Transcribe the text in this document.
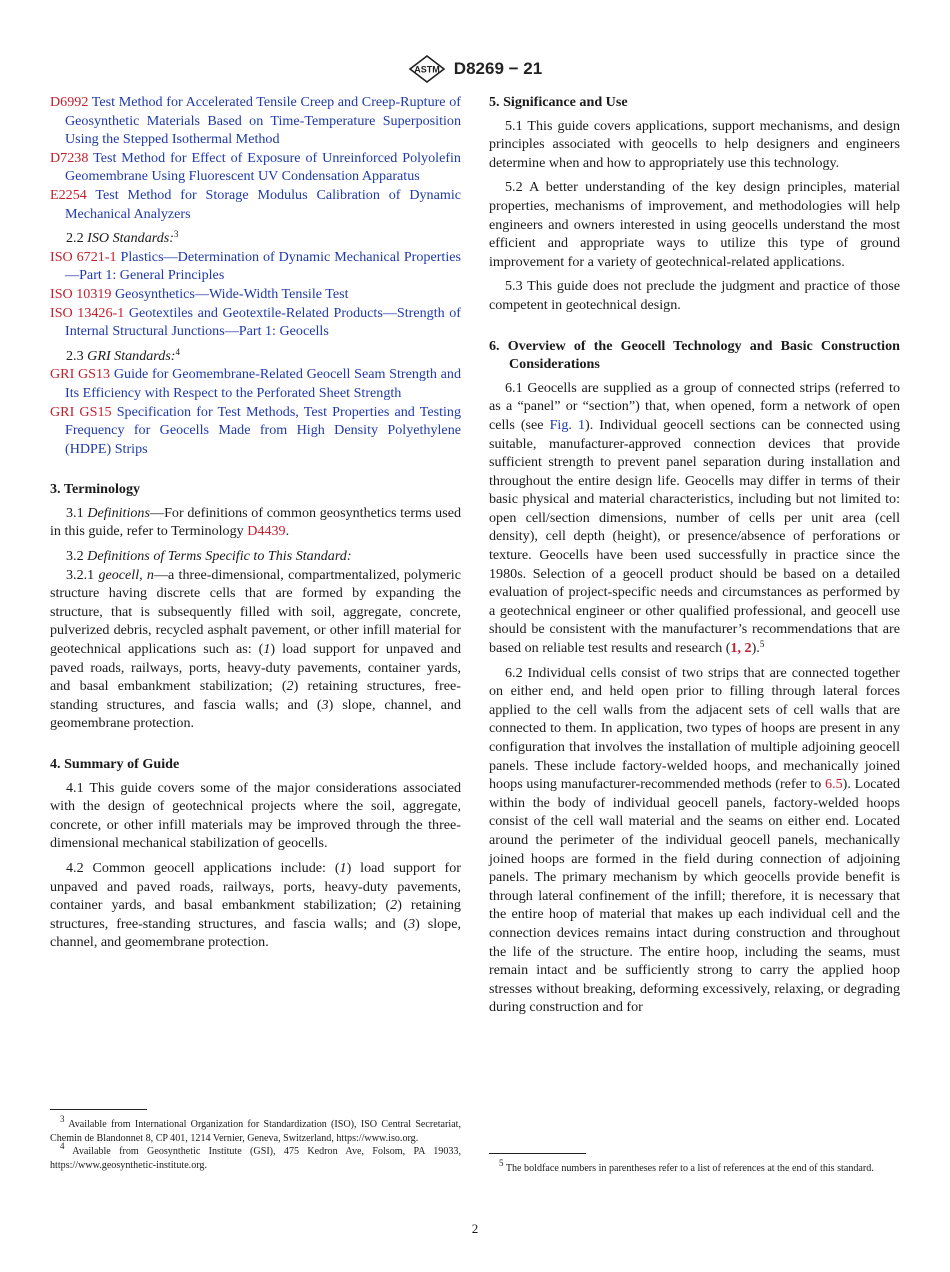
ASTM D8269 − 21

D6992 Test Method for Accelerated Tensile Creep and Creep-Rupture of Geosynthetic Materials Based on Time-Temperature Superposition Using the Stepped Isothermal Method

D7238 Test Method for Effect of Exposure of Unreinforced Polyolefin Geomembrane Using Fluorescent UV Condensation Apparatus

E2254 Test Method for Storage Modulus Calibration of Dynamic Mechanical Analyzers

2.2 ISO Standards:$^3$

ISO 6721-1 Plastics—Determination of Dynamic Mechanical Properties—Part 1: General Principles

ISO 10319 Geosynthetics—Wide-Width Tensile Test

ISO 13426-1 Geotextiles and Geotextile-Related Products—Strength of Internal Structural Junctions—Part 1: Geocells

2.3 GRI Standards:$^4$

GRI GS13 Guide for Geomembrane-Related Geocell Seam Strength and Its Efficiency with Respect to the Perforated Sheet Strength

GRI GS15 Specification for Test Methods, Test Properties and Testing Frequency for Geocells Made from High Density Polyethylene (HDPE) Strips

3. Terminology

3.1 Definitions—For definitions of common geosynthetics terms used in this guide, refer to Terminology D4439.

3.2 Definitions of Terms Specific to This Standard:

3.2.1 geocell, n—a three-dimensional, compartmentalized, polymeric structure having discrete cells that are formed by expanding the structure, that is subsequently filled with soil, aggregate, concrete, pulverized debris, recycled asphalt pavement, or other infill material for geotechnical applications such as: (1) load support for unpaved and paved roads, railways, ports, heavy-duty pavements, container yards, and basal embankment stabilization; (2) retaining structures, free-standing structures, and fascia walls; and (3) slope, channel, and geomembrane protection.

4. Summary of Guide

4.1 This guide covers some of the major considerations associated with the design of geotechnical projects where the soil, aggregate, concrete, or other infill materials may be improved through the three-dimensional mechanical stabilization of geocells.

4.2 Common geocell applications include: (1) load support for unpaved and paved roads, railways, ports, heavy-duty pavements, container yards, and basal embankment stabilization; (2) retaining structures, free-standing structures, and fascia walls; and (3) slope, channel, and geomembrane protection.

$^3$ Available from International Organization for Standardization (ISO), ISO Central Secretariat, Chemin de Blandonnet 8, CP 401, 1214 Vernier, Geneva, Switzerland, https://www.iso.org.

$^4$ Available from Geosynthetic Institute (GSI), 475 Kedron Ave, Folsom, PA 19033, https://www.geosynthetic-institute.org.

5. Significance and Use

5.1 This guide covers applications, support mechanisms, and design principles associated with geocells to help designers and engineers determine when and how to appropriately use this technology.

5.2 A better understanding of the key design principles, material properties, mechanisms of improvement, and methodologies will help engineers and owners interested in using geocells understand the most efficient and appropriate ways to utilize this type of ground improvement for a variety of geotechnical-related applications.

5.3 This guide does not preclude the judgment and practice of those competent in geotechnical design.

6. Overview of the Geocell Technology and Basic Construction Considerations

6.1 Geocells are supplied as a group of connected strips (referred to as a “panel” or “section”) that, when opened, form a network of open cells (see Fig. 1). Individual geocell sections can be connected using suitable, manufacturer-approved connection devices that provide sufficient strength to prevent panel separation during installation and throughout the entire design life. Geocells may differ in terms of their basic physical and material characteristics, including but not limited to: open cell/section dimensions, number of cells per unit area (cell density), cell depth (height), or presence/absence of perforations or texture. Geocells have been used successfully in practice since the 1980s. Selection of a geocell product should be based on a detailed evaluation of project-specific needs and circumstances as performed by a geotechnical engineer or other qualified professional, and geocell use should be consistent with the manufacturer’s recommendations that are based on reliable test results and research (1, 2).$^5$

6.2 Individual cells consist of two strips that are connected together on either end, and held open prior to filling through lateral forces applied to the cell walls from the adjacent sets of cell walls that are connected to them. In application, two types of hoops are present in any configuration that involves the installation of multiple adjoining geocell panels. These include factory-welded hoops, and mechanically joined hoops using manufacturer-recommended methods (refer to 6.5). Located within the body of individual geocell panels, factory-welded hoops consist of the cell wall material and the seams on either end. Located around the perimeter of the individual geocell panels, mechanically joined hoops are formed in the field during connection of adjoining panels. The primary mechanism by which geocells provide benefit is through lateral confinement of the infill; therefore, it is necessary that the entire hoop of material that makes up each individual cell and the connection devices remains intact during construction and throughout the life of the structure. The entire hoop, including the seams, must remain intact and be sufficiently strong to carry the applied hoop stresses without breaking, deforming excessively, relaxing, or degrading during construction and for

$^5$ The boldface numbers in parentheses refer to a list of references at the end of this standard.

2
